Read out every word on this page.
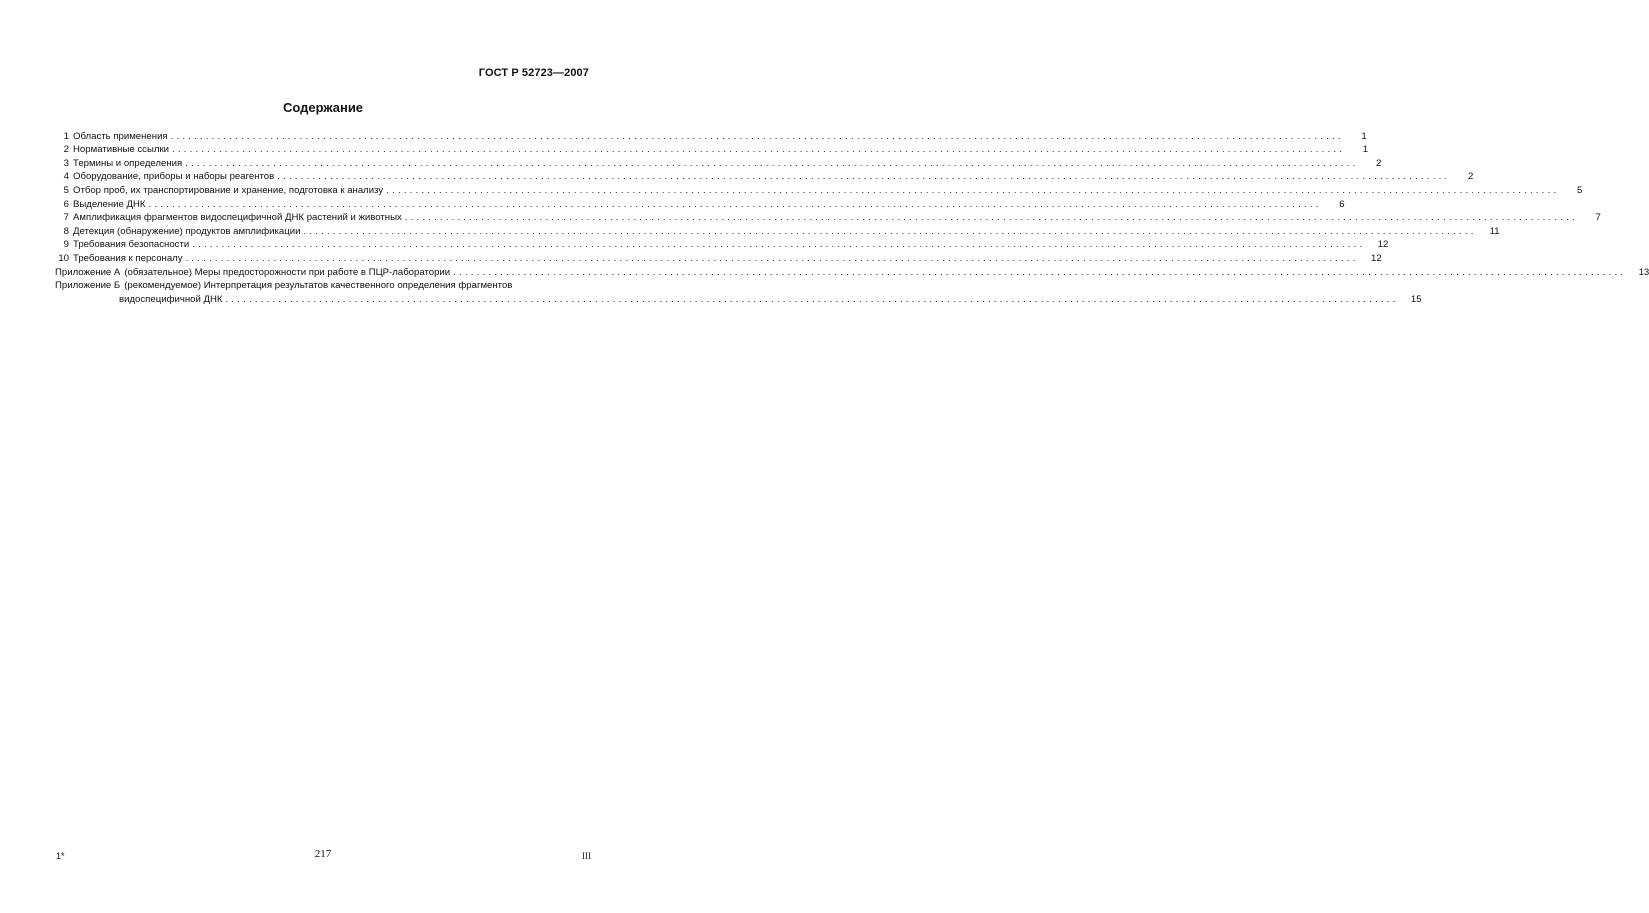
ГОСТ Р 52723—2007
Содержание
1 Область применения ........................................................................................................................................................................................................	1
2 Нормативные ссылки ........................................................................................................................................................................................................	1
3 Термины и определения ........................................................................................................................................................................................................	2
4 Оборудование, приборы и наборы реагентов ........................................................................................................................................................................................................	2
5 Отбор проб, их транспортирование и хранение, подготовка к анализу ........................................................................................................................................................................................................	5
6 Выделение ДНК ........................................................................................................................................................................................................	6
7 Амплификация фрагментов видоспецифичной ДНК растений и животных ........................................................................................................................................................................................................	7
8 Детекция (обнаружение) продуктов амплификации ........................................................................................................................................................................................................	11
9 Требования безопасности ........................................................................................................................................................................................................	12
10 Требования к персоналу ........................................................................................................................................................................................................	12
Приложение А (обязательное) Меры предосторожности при работе в ПЦР-лаборатории ........................................................................................................................................................................................................	13
Приложение Б (рекомендуемое) Интерпретация результатов качественного определения фрагментов
видоспецифичной ДНК ........................................................................................................................................................................................................	15
1*	217	III
